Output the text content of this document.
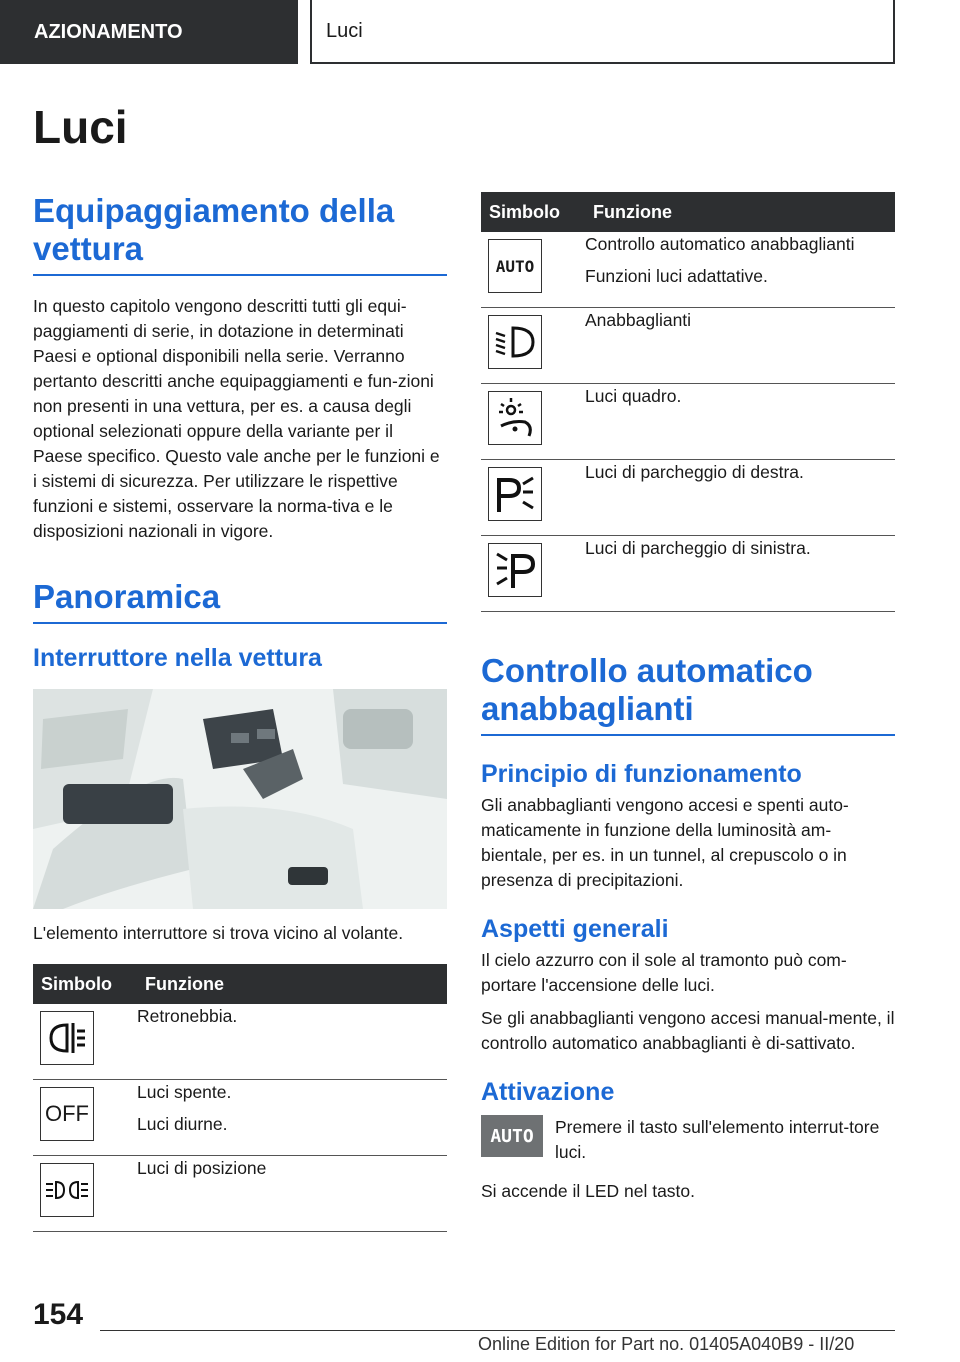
AZIONAMENTO	Luci
Luci
Equipaggiamento della vettura

In questo capitolo vengono descritti tutti gli equi-paggiamenti di serie, in dotazione in determinati Paesi e optional disponibili nella serie. Verranno pertanto descritti anche equipaggiamenti e fun-zioni non presenti in una vettura, per es. a causa degli optional selezionati oppure della variante per il Paese specifico. Questo vale anche per le funzioni e i sistemi di sicurezza. Per utilizzare le rispettive funzioni e sistemi, osservare la norma-tiva e le disposizioni nazionali in vigore.

Panoramica
Interruttore nella vettura

L'elemento interruttore si trova vicino al volante.

Simbolo	Funzione

Retronebbia.

OFF	Luci spente.
Luci diurne.

Luci di posizione
Simbolo	Funzione

AUTO	Controllo automatico anabbaglianti
Funzioni luci adattative.

Anabbaglianti

Luci quadro.

Luci di parcheggio di destra.

Luci di parcheggio di sinistra.
Controllo automatico anabbaglianti
Principio di funzionamento

Gli anabbaglianti vengono accesi e spenti auto-maticamente in funzione della luminosità am-bientale, per es. in un tunnel, al crepuscolo o in presenza di precipitazioni.

Aspetti generali

Il cielo azzurro con il sole al tramonto può com-portare l'accensione delle luci.

Se gli anabbaglianti vengono accesi manual-mente, il controllo automatico anabbaglianti è di-sattivato.

Attivazione
AUTO	Premere il tasto sull'elemento interrut-tore luci.

Si accende il LED nel tasto.

154
Online Edition for Part no. 01405A040B9 - II/20
